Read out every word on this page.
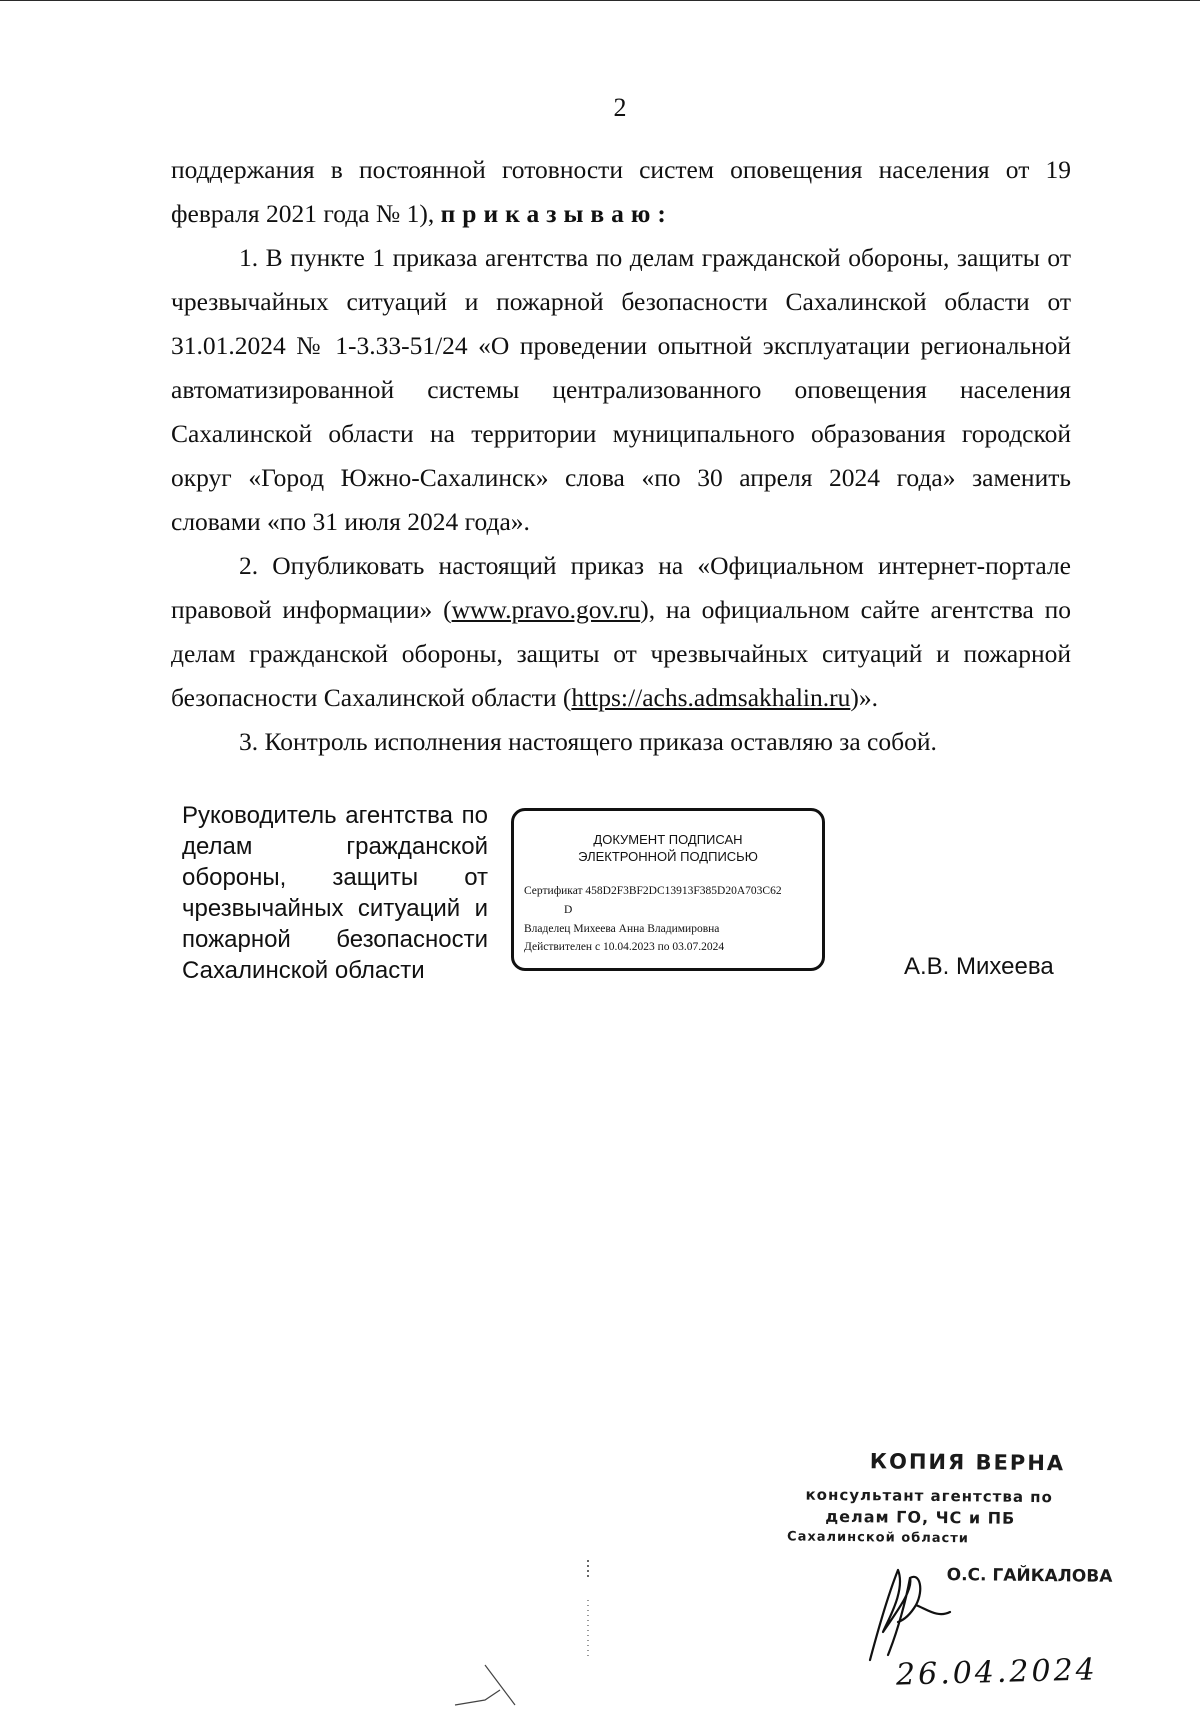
2

поддержания в постоянной готовности систем оповещения населения от 19 февраля 2021 года № 1), приказываю:

1. В пункте 1 приказа агентства по делам гражданской обороны, защиты от чрезвычайных ситуаций и пожарной безопасности Сахалинской области от 31.01.2024 № 1-3.33-51/24 «О проведении опытной эксплуатации региональной автоматизированной системы централизованного оповещения населения Сахалинской области на территории муниципального образования городской округ «Город Южно-Сахалинск» слова «по 30 апреля 2024 года» заменить словами «по 31 июля 2024 года».

2. Опубликовать настоящий приказ на «Официальном интернет-портале правовой информации» (www.pravo.gov.ru), на официальном сайте агентства по делам гражданской обороны, защиты от чрезвычайных ситуаций и пожарной безопасности Сахалинской области (https://achs.admsakhalin.ru)».

3. Контроль исполнения настоящего приказа оставляю за собой.

Руководитель агентства по делам гражданской обороны, защиты от чрезвычайных ситуаций и пожарной безопасности
Сахалинской области
ДОКУМЕНТ ПОДПИСАН
ЭЛЕКТРОННОЙ ПОДПИСЬЮ
Сертификат 458D2F3BF2DC13913F385D20A703C62
D
Владелец Михеева Анна Владимировна
Действителен с 10.04.2023 по 03.07.2024
А.В. Михеева
КОПИЯ ВЕРНА
консультант агентства по
делам ГО, ЧС и ПБ
Сахалинской области
О.С. ГАЙКАЛОВА
26.04.2024
